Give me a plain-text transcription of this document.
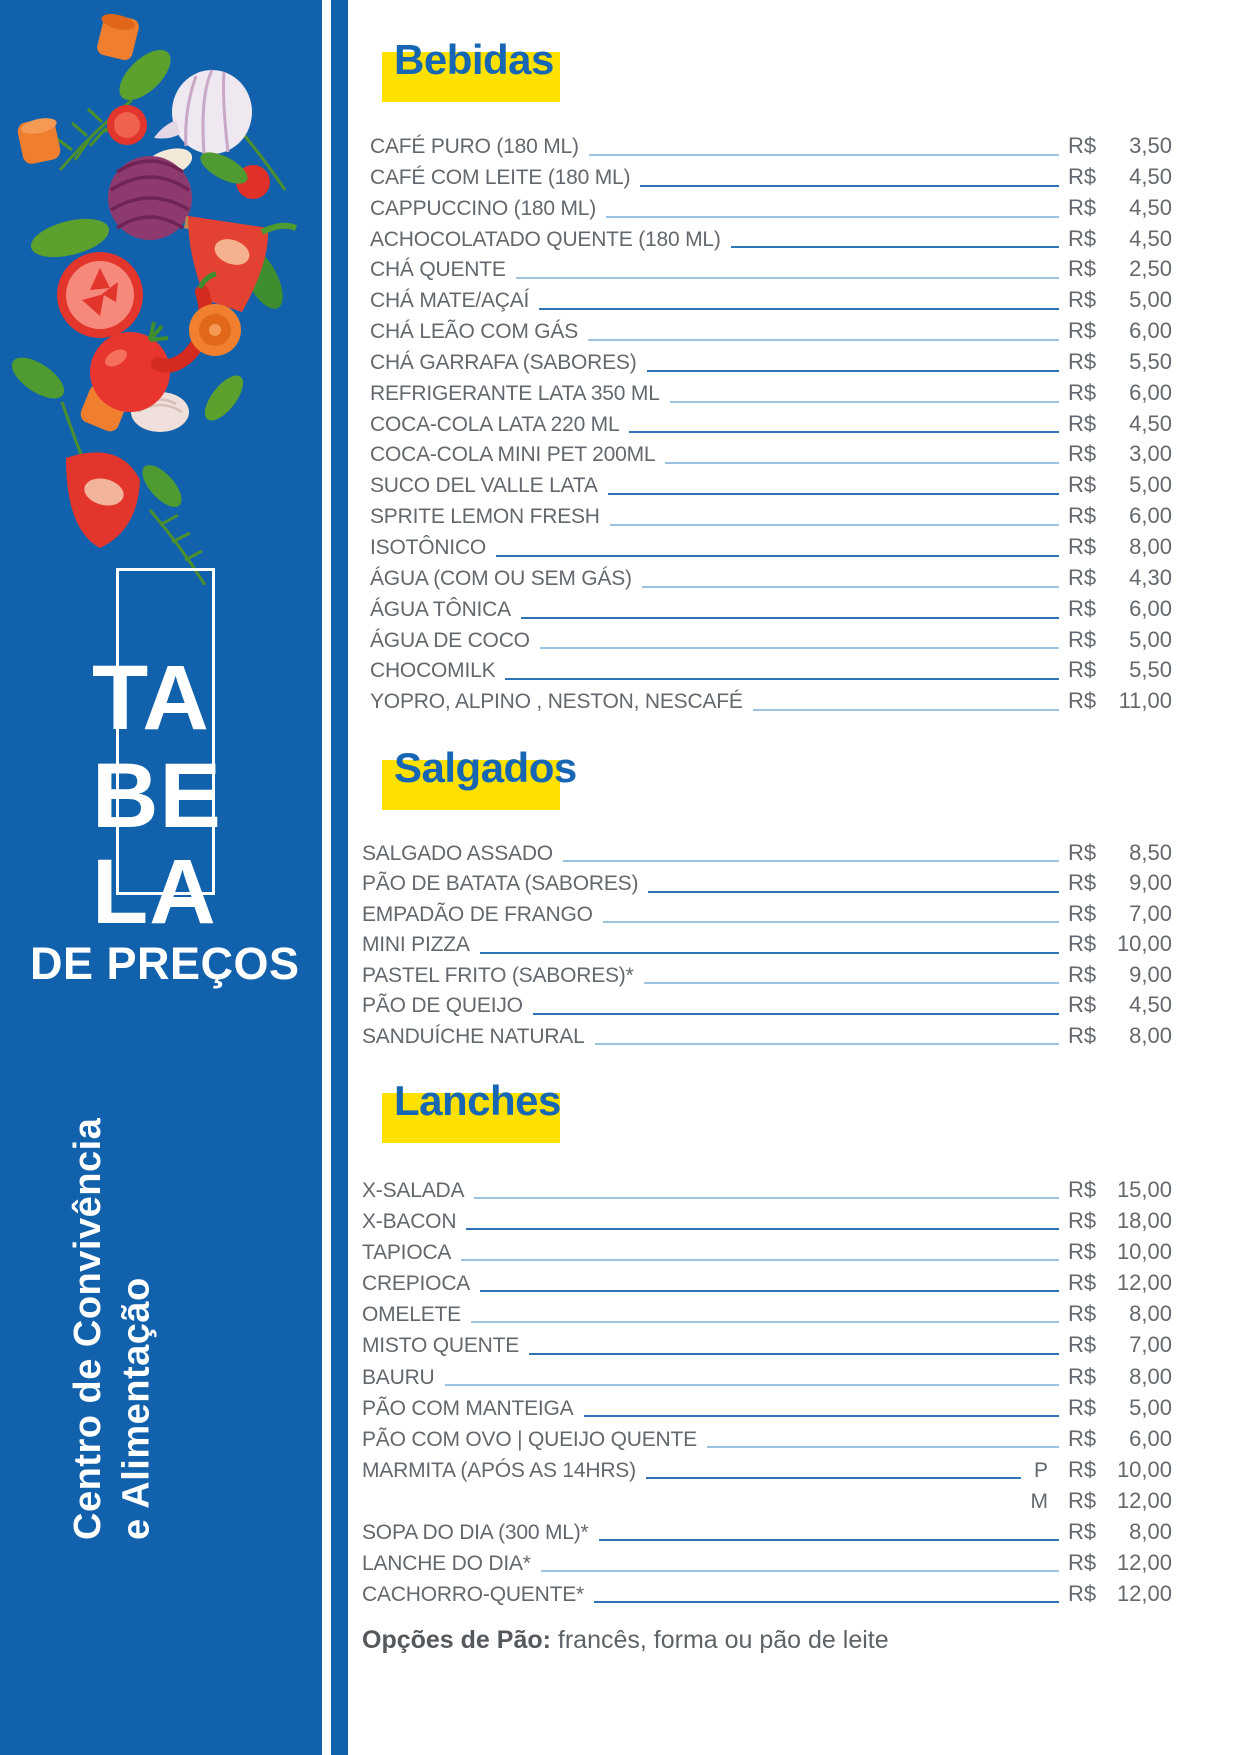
TA
BE
LA
DE PREÇOS
Centro de Convivência e Alimentação
Bebidas
Salgados
Lanches
CAFÉ PURO (180 ML)	R$	3,50
CAFÉ COM LEITE (180 ML)	R$	4,50
CAPPUCCINO (180 ML)	R$	4,50
ACHOCOLATADO QUENTE (180 ML)	R$	4,50
CHÁ QUENTE	R$	2,50
CHÁ MATE/AÇAÍ	R$	5,00
CHÁ LEÃO COM GÁS	R$	6,00
CHÁ GARRAFA (SABORES)	R$	5,50
REFRIGERANTE LATA 350 ML	R$	6,00
COCA-COLA LATA 220 ML	R$	4,50
COCA-COLA MINI PET 200ML	R$	3,00
SUCO DEL VALLE LATA	R$	5,00
SPRITE LEMON FRESH	R$	6,00
ISOTÔNICO	R$	8,00
ÁGUA (COM OU SEM GÁS)	R$	4,30
ÁGUA TÔNICA	R$	6,00
ÁGUA DE COCO	R$	5,00
CHOCOMILK	R$	5,50
YOPRO, ALPINO , NESTON, NESCAFÉ	R$	11,00
SALGADO ASSADO	R$	8,50
PÃO DE BATATA (SABORES)	R$	9,00
EMPADÃO DE FRANGO	R$	7,00
MINI PIZZA	R$ 10,00
PASTEL FRITO (SABORES)*	R$	9,00
PÃO DE QUEIJO	R$	4,50
SANDUÍCHE NATURAL	R$	8,00
X-SALADA	R$ 15,00
X-BACON	R$ 18,00
TAPIOCA	R$ 10,00
CREPIOCA	R$ 12,00
OMELETE	R$	8,00
MISTO QUENTE	R$	7,00
BAURU	R$	8,00
PÃO COM MANTEIGA	R$	5,00
PÃO COM OVO | QUEIJO QUENTE	R$	6,00
MARMITA (APÓS AS 14HRS)	P R$ 10,00
M R$ 12,00
SOPA DO DIA (300 ML)*	R$	8,00
LANCHE DO DIA*	R$ 12,00
CACHORRO-QUENTE*	R$ 12,00
Opções de Pão: francês, forma ou pão de leite
